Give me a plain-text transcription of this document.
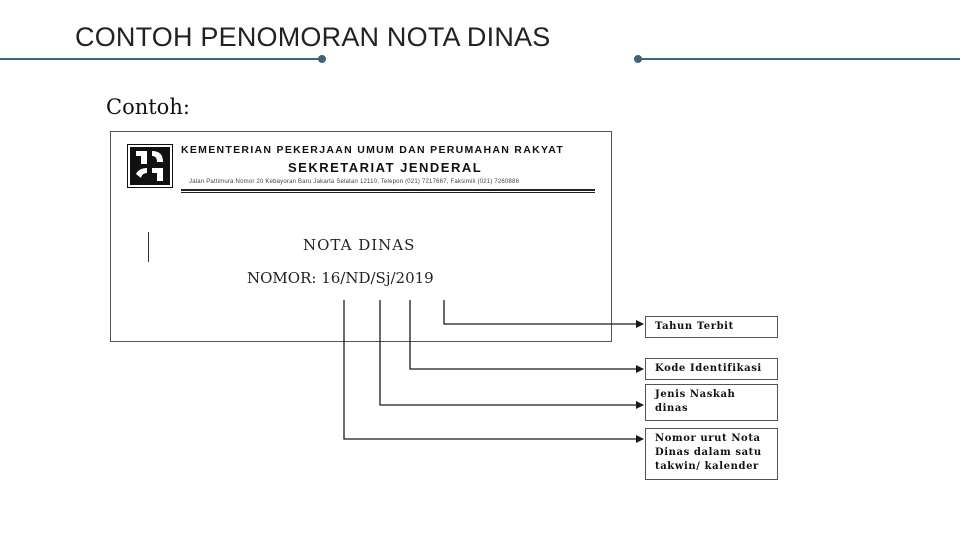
CONTOH PENOMORAN NOTA DINAS
Contoh:
KEMENTERIAN PEKERJAAN UMUM DAN PERUMAHAN RAKYAT
SEKRETARIAT JENDERAL
Jalan Pattimura Nomor 20 Kebayoran Baru Jakarta Selatan 12110, Telepon (021) 7217667, Faksimili (021) 7260886
NOTA DINAS
NOMOR: 16/ND/Sj/2019
Tahun Terbit
Kode Identifikasi
Jenis Naskah dinas
Nomor urut Nota Dinas dalam satu takwin/ kalender
